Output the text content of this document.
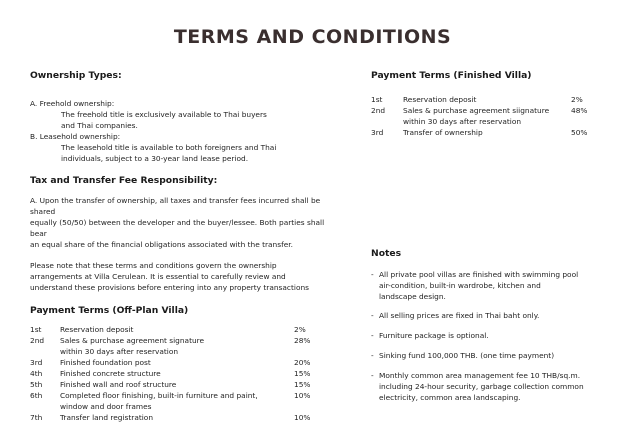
TERMS AND CONDITIONS

Ownership Types:

A. Freehold ownership:

The freehold title is exclusively available to Thai buyers

and Thai companies.

B. Leasehold ownership:

The leasehold title is available to both foreigners and Thai

individuals, subject to a 30-year land lease period.

Tax and Transfer Fee Responsibility:

A. Upon the transfer of ownership, all taxes and transfer fees incurred shall be shared

equally (50/50) between the developer and the buyer/lessee. Both parties shall bear

an equal share of the financial obligations associated with the transfer.

Please note that these terms and conditions govern the ownership

arrangements at Villa Cerulean. It is essential to carefully review and

understand these provisions before entering into any property transactions

Payment Terms (Off-Plan Villa)

1st	Reservation deposit	2%
2nd	Sales & purchase agreement signature	28%
within 30 days after reservation
3rd	Finished foundation post	20%
4th	Finished concrete structure	15%
5th	Finished wall and roof structure	15%
6th	Completed floor finishing, built-in furniture and paint,	10%
window and door frames
7th	Transfer land registration	10%

Payment Terms (Finished Villa)

1st	Reservation deposit	2%
2nd	Sales & purchase agreement siignature	48%
within 30 days after reservation
3rd	Transfer of ownership	50%

Notes

- All private pool villas are finished with swimming pool
air-condition, built-in wardrobe, kitchen and
landscape design.
- All selling prices are fixed in Thai baht only.
- Furniture package is optional.
- Sinking fund 100,000 THB. (one time payment)
- Monthly common area management fee 10 THB/sq.m.
including 24-hour security, garbage collection common
electricity, common area landscaping.
